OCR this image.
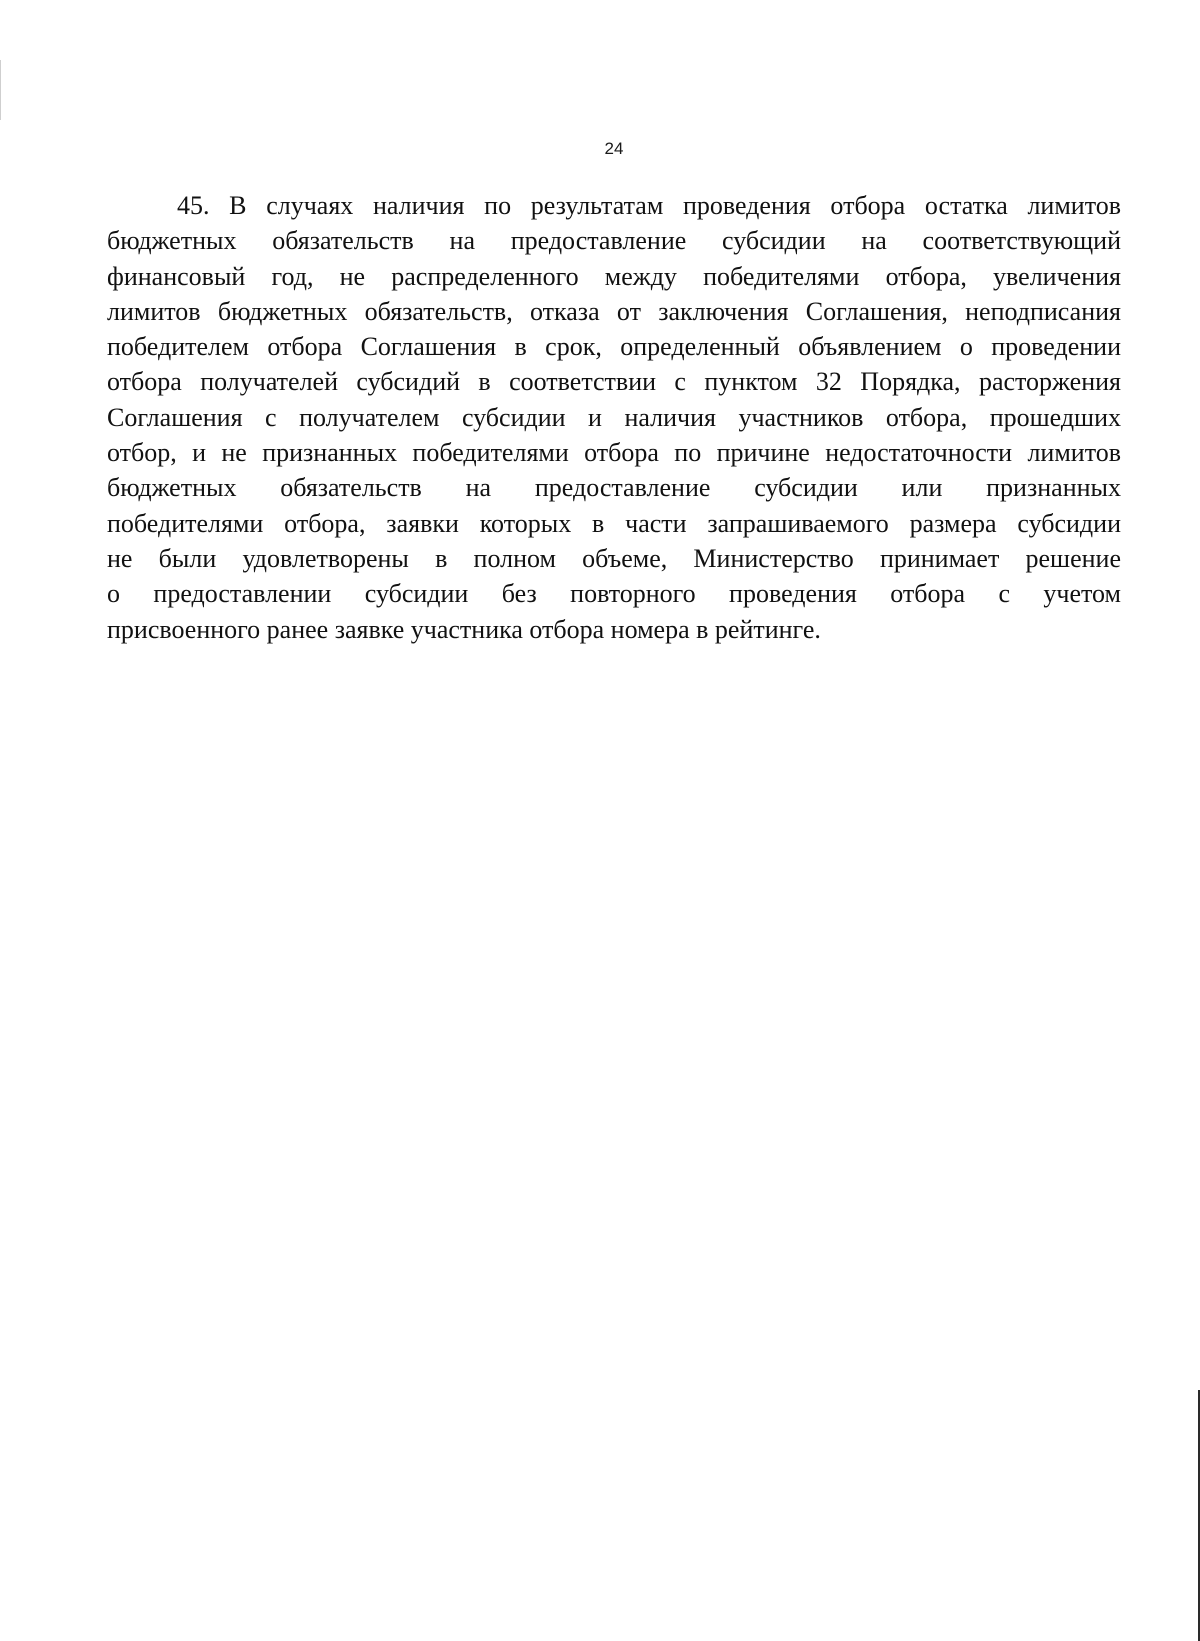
24

45. В случаях наличия по результатам проведения отбора остатка лимитов
бюджетных обязательств на предоставление субсидии на соответствующий
финансовый год, не распределенного между победителями отбора, увеличения
лимитов бюджетных обязательств, отказа от заключения Соглашения, неподписания
победителем отбора Соглашения в срок, определенный объявлением о проведении
отбора получателей субсидий в соответствии с пунктом 32 Порядка, расторжения
Соглашения с получателем субсидии и наличия участников отбора, прошедших
отбор, и не признанных победителями отбора по причине недостаточности лимитов
бюджетных обязательств на предоставление субсидии или признанных
победителями отбора, заявки которых в части запрашиваемого размера субсидии
не были удовлетворены в полном объеме, Министерство принимает решение
о предоставлении субсидии без повторного проведения отбора с учетом
присвоенного ранее заявке участника отбора номера в рейтинге.
